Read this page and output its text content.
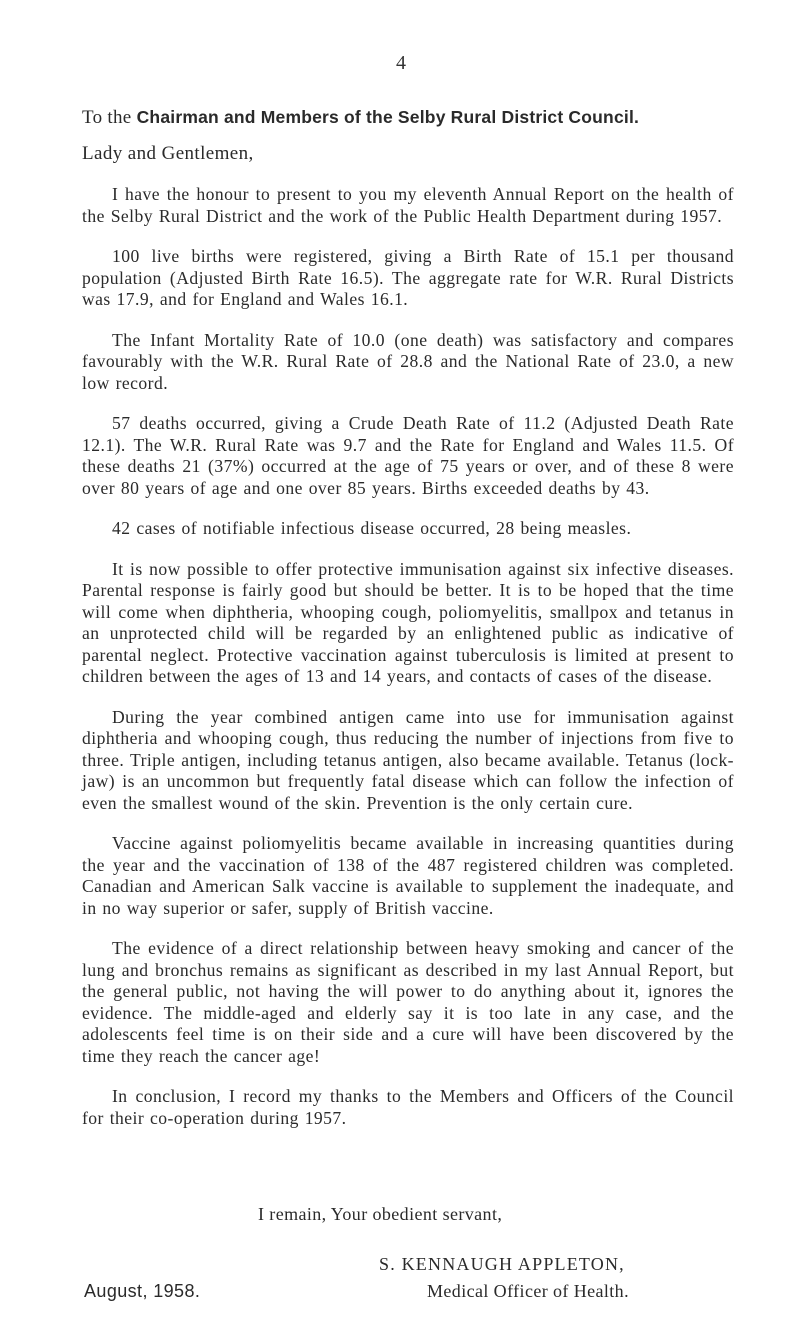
4
To the Chairman and Members of the Selby Rural District Council.
Lady and Gentlemen,

I have the honour to present to you my eleventh Annual Report on the health of the Selby Rural District and the work of the Public Health Department during 1957.

100 live births were registered, giving a Birth Rate of 15.1 per thousand population (Adjusted Birth Rate 16.5). The aggregate rate for W.R. Rural Districts was 17.9, and for England and Wales 16.1.

The Infant Mortality Rate of 10.0 (one death) was satisfactory and compares favourably with the W.R. Rural Rate of 28.8 and the National Rate of 23.0, a new low record.

57 deaths occurred, giving a Crude Death Rate of 11.2 (Adjusted Death Rate 12.1). The W.R. Rural Rate was 9.7 and the Rate for England and Wales 11.5. Of these deaths 21 (37%) occurred at the age of 75 years or over, and of these 8 were over 80 years of age and one over 85 years. Births exceeded deaths by 43.

42 cases of notifiable infectious disease occurred, 28 being measles.

It is now possible to offer protective immunisation against six infective diseases. Parental response is fairly good but should be better. It is to be hoped that the time will come when diphtheria, whooping cough, poliomyelitis, smallpox and tetanus in an unprotected child will be regarded by an enlightened public as indicative of parental neglect. Protective vaccination against tuberculosis is limited at present to children between the ages of 13 and 14 years, and contacts of cases of the disease.

During the year combined antigen came into use for immunisation against diphtheria and whooping cough, thus reducing the number of injections from five to three. Triple antigen, including tetanus antigen, also became available. Tetanus (lock-jaw) is an uncommon but frequently fatal disease which can follow the infection of even the smallest wound of the skin. Prevention is the only certain cure.

Vaccine against poliomyelitis became available in increasing quantities during the year and the vaccination of 138 of the 487 registered children was completed. Canadian and American Salk vaccine is available to supplement the inadequate, and in no way superior or safer, supply of British vaccine.

The evidence of a direct relationship between heavy smoking and cancer of the lung and bronchus remains as significant as described in my last Annual Report, but the general public, not having the will power to do anything about it, ignores the evidence. The middle-aged and elderly say it is too late in any case, and the adolescents feel time is on their side and a cure will have been discovered by the time they reach the cancer age!

In conclusion, I record my thanks to the Members and Officers of the Council for their co-operation during 1957.

I remain, Your obedient servant,
S. KENNAUGH APPLETON,
August, 1958.	Medical Officer of Health.
